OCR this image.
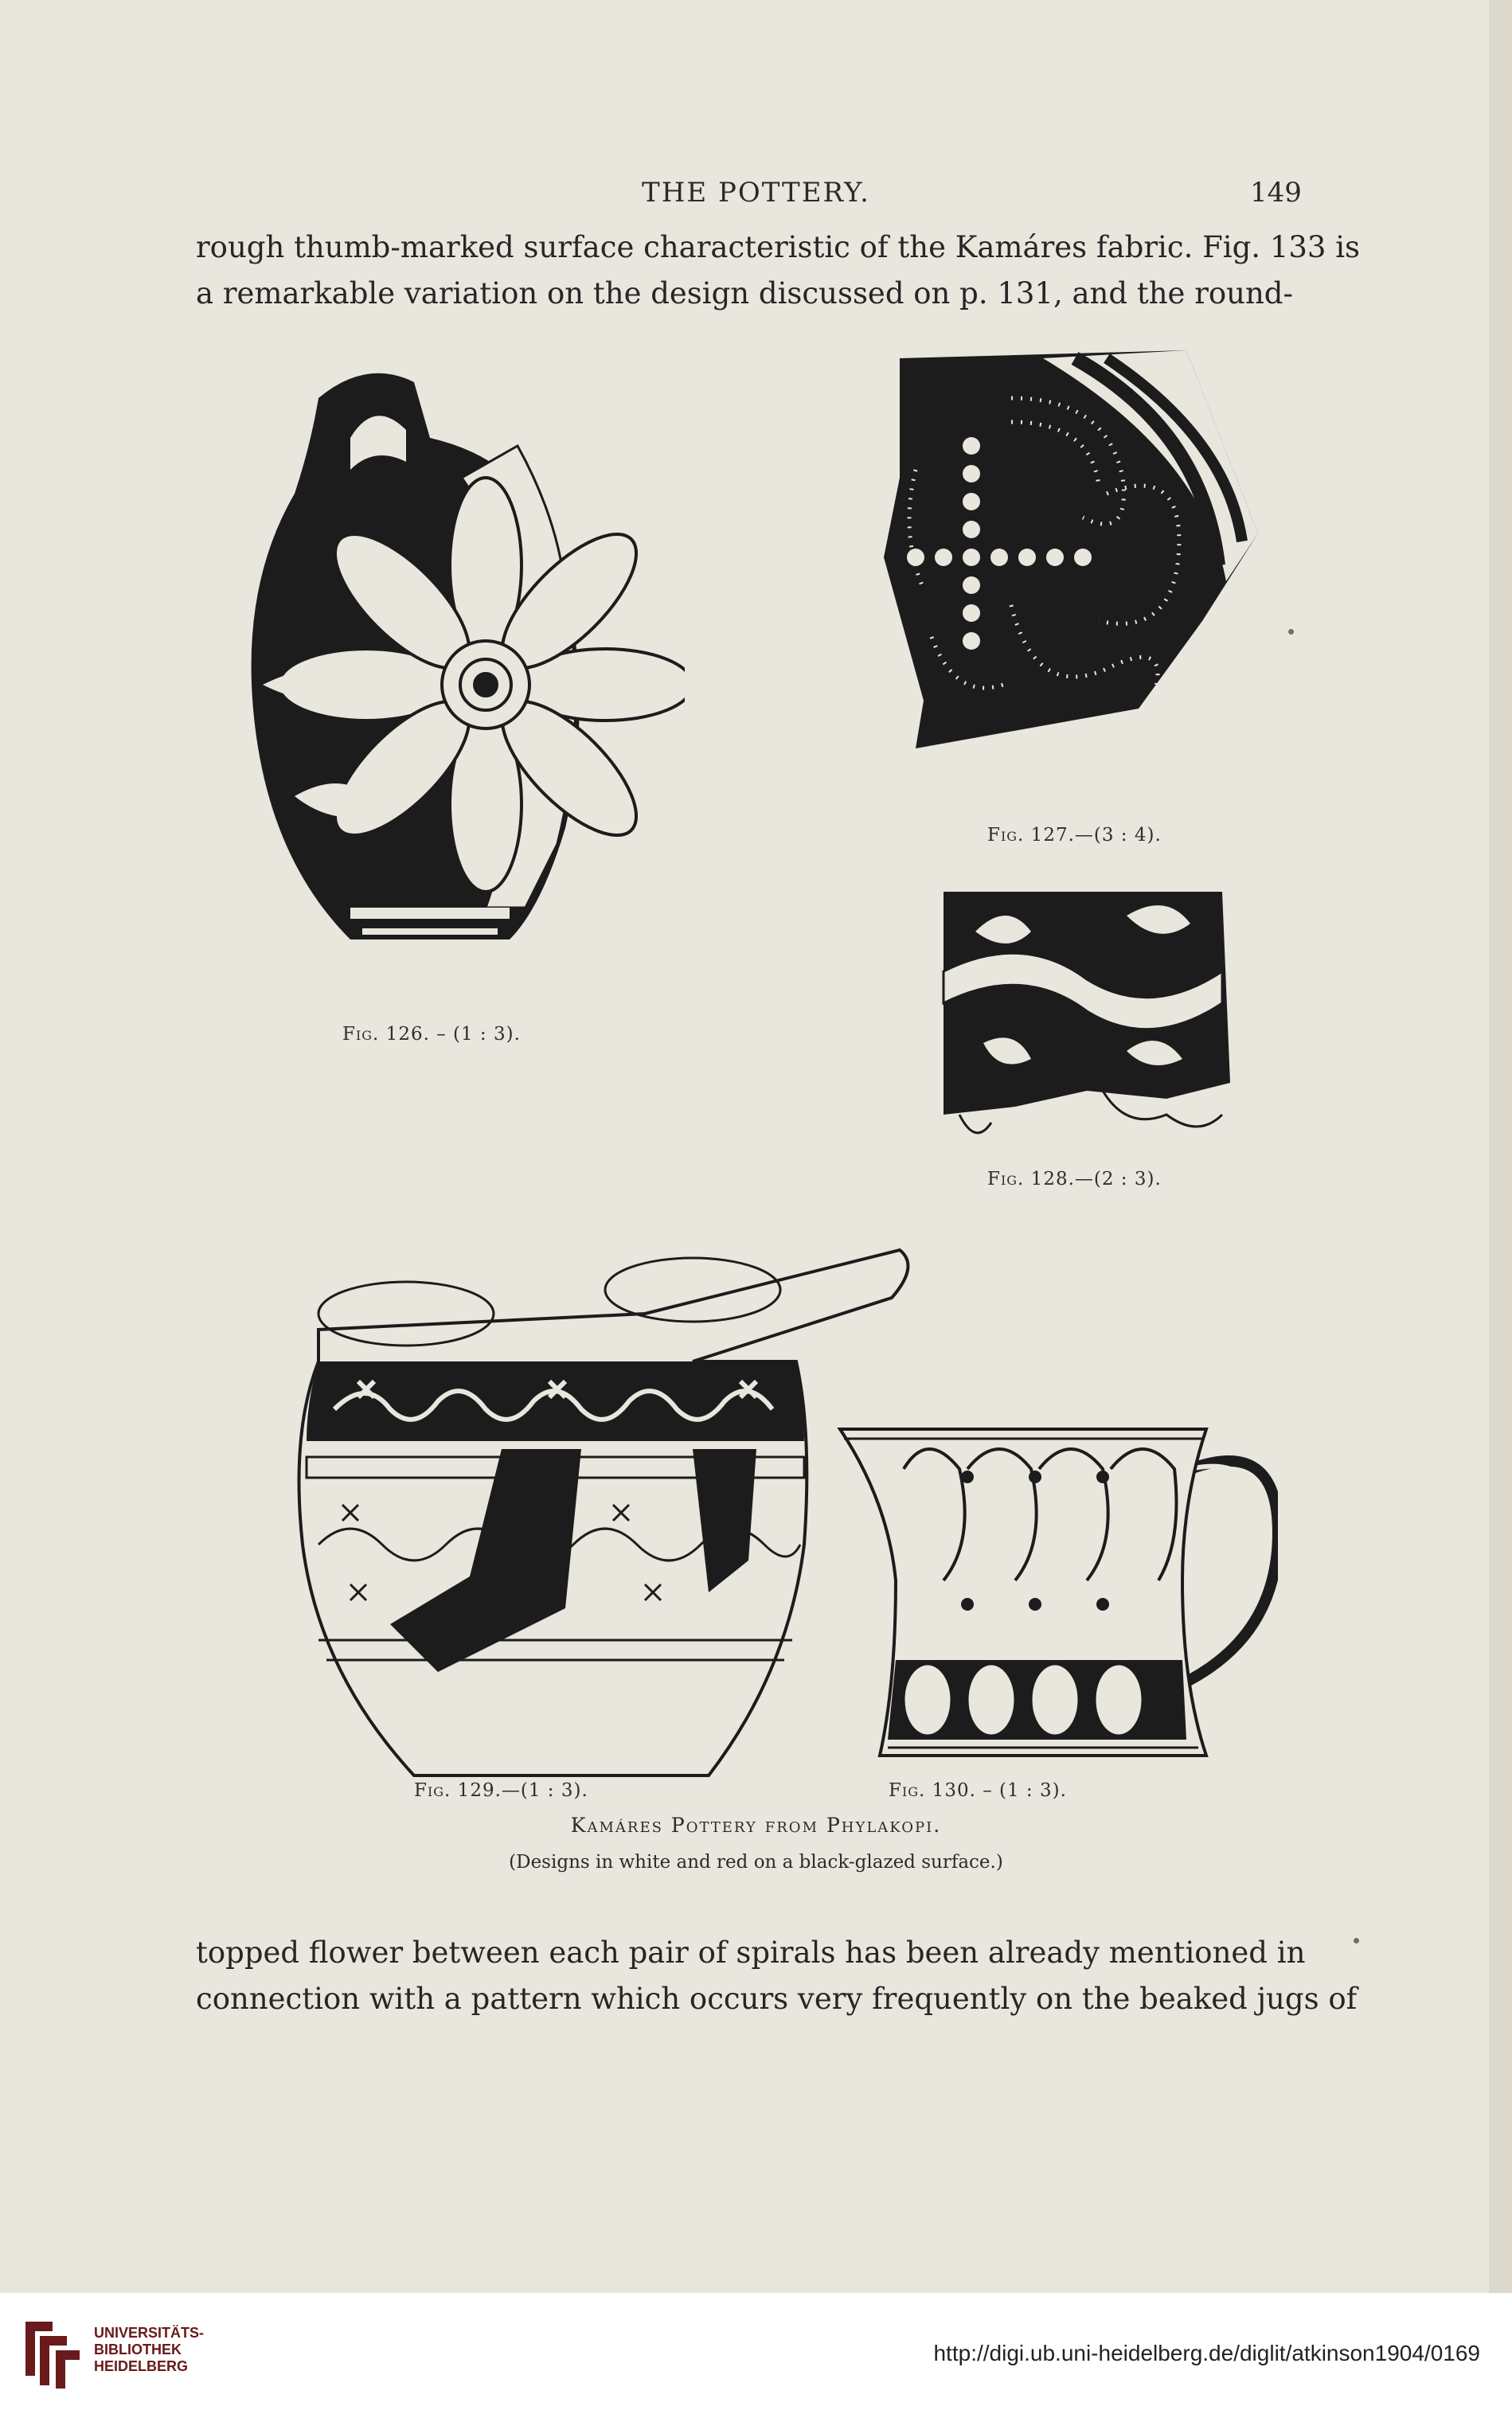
THE POTTERY.	149
rough thumb-marked surface characteristic of the Kamáres fabric. Fig. 133 is
a remarkable variation on the design discussed on p. 131, and the round-
Fig. 126. – (1 : 3).
Fig. 127.—(3 : 4).
Fig. 128.—(2 : 3).
Fig. 129.—(1 : 3).	Fig. 130. – (1 : 3).
Kamáres Pottery from Phylakopi.
(Designs in white and red on a black-glazed surface.)
topped flower between each pair of spirals has been already mentioned in
connection with a pattern which occurs very frequently on the beaked jugs of
UNIVERSITÄTS-
BIBLIOTHEK
HEIDELBERG
http://digi.ub.uni-heidelberg.de/diglit/atkinson1904/0169
